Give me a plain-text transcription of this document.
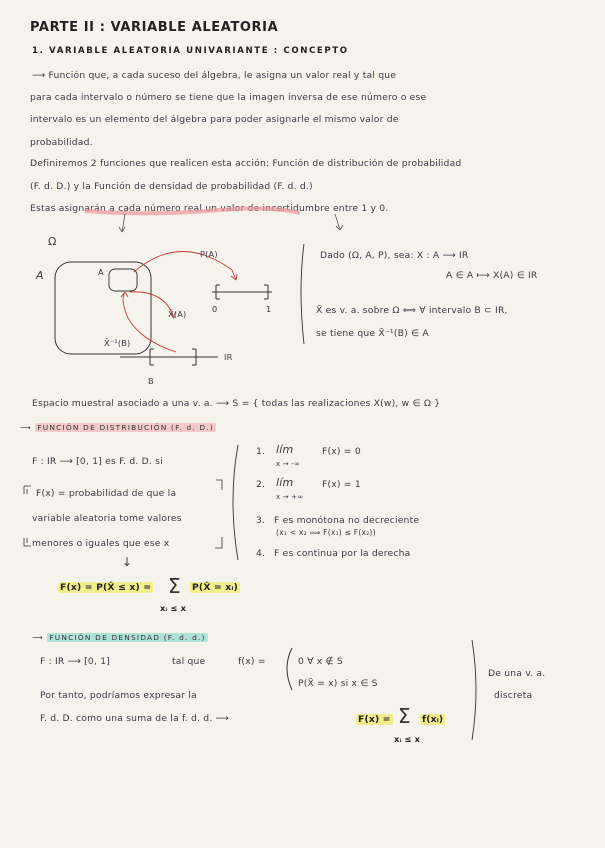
PARTE II : VARIABLE ALEATORIA
1. VARIABLE ALEATORIA UNIVARIANTE : CONCEPTO
⟶ Función que, a cada suceso del álgebra, le asigna un valor real y tal que
para cada intervalo o número se tiene que la imagen inversa de ese número o ese
intervalo es un elemento del álgebra para poder asignarle el mismo valor de
probabilidad.
Definiremos 2 funciones que realicen esta acción: Función de distribución de probabilidad
(F. d. D.) y la Función de densidad de probabilidad (F. d. d.)
Estas asignarán a cada número real un valor de incertidumbre entre 1 y 0.
Ω
A	A
P(A)
X̄(A)	0	1
X̄⁻¹(B)
IR
B
Dado (Ω, A, P), sea: X : A ⟶ IR
A ∈ A ⟼ X(A) ∈ IR
X̄ es v. a. sobre Ω ⟺ ∀ intervalo B ⊂ IR,
se tiene que X̄⁻¹(B) ∈ A
Espacio muestral asociado a una v. a. ⟶ S = { todas las realizaciones X(w), w ∈ Ω }
⟶ FUNCIÓN DE DISTRIBUCIÓN (F. d. D.)
F : IR ⟶ [0, 1] es F. d. D. si
F(x) = probabilidad de que la
variable aleatoria tome valores
menores o iguales que ese x
↓
F(x) = P(X̄ ≤ x) = Σ
xᵢ ≤ x
P(X̄ = xᵢ)
1. lím
x → -∞
F(x) = 0
2. lím
x → +∞
F(x) = 1
3. F es monótona no decreciente
(x₁ < x₂ ⟹ F(x₁) ≤ F(x₂))
4. F es continua por la derecha
⟶ FUNCIÓN DE DENSIDAD (F. d. d.)
F : IR ⟶ [0, 1]	tal que	f(x) =	0 ∀ x ∉ S
P(X̄ = x) si x ∈ S
De una v. a.
discreta
Por tanto, podríamos expresar la
F. d. D. como una suma de la f. d. d. ⟶	F(x) = Σ
xᵢ ≤ x
f(xᵢ)
